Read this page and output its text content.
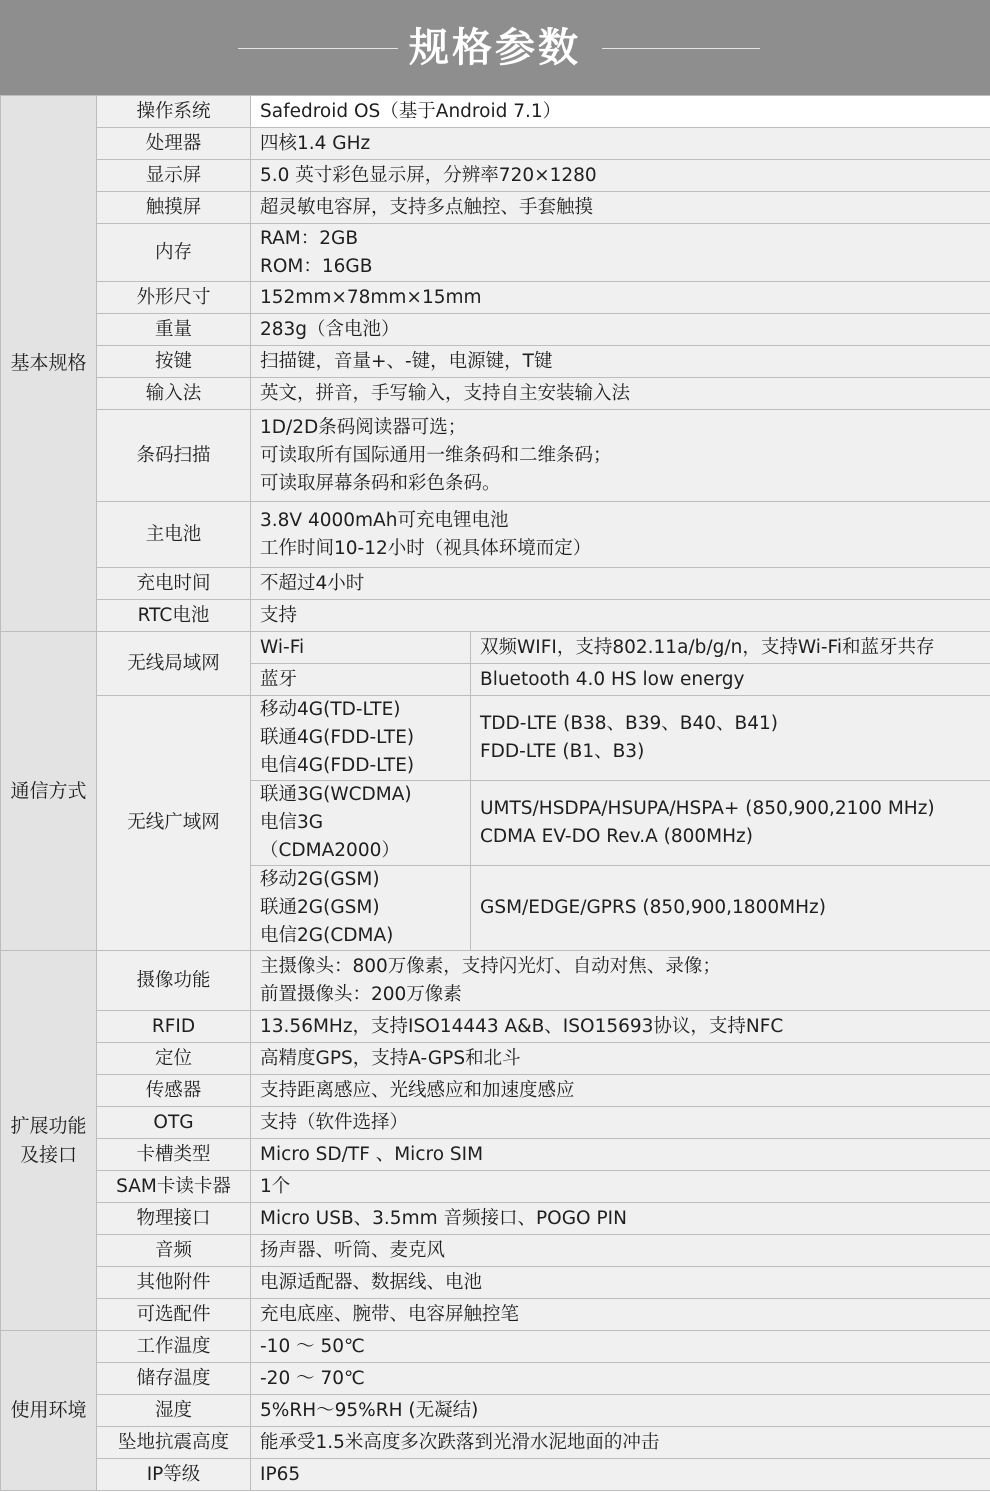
规格参数
基本规格	操作系统	Safedroid OS（基于Android 7.1）	
	处理器	四核1.4 GHz	
	显示屏	5.0 英寸彩色显示屏，分辨率720×1280	
	触摸屏	超灵敏电容屏，支持多点触控、手套触摸	
	内存	RAM：2GB
ROM：16GB	

	外形尺寸	152mm×78mm×15mm	
	重量	283g（含电池）	
	按键	扫描键，音量+、-键，电源键，T键	
	输入法	英文，拼音，手写输入，支持自主安装输入法	
	条码扫描	1D/2D条码阅读器可选；
可读取所有国际通用一维条码和二维条码；
可读取屏幕条码和彩色条码。	

	主电池	3.8V 4000mAh可充电锂电池
工作时间10-12小时（视具体环境而定）	

	充电时间	不超过4小时	
	RTC电池	支持	
通信方式	无线局域网	Wi-Fi	双频WIFI，支持802.11a/b/g/n，支持Wi-Fi和蓝牙共存
		蓝牙	Bluetooth 4.0 HS low energy
	无线广域网	移动4G(TD-LTE)
联通4G(FDD-LTE)
电信4G(FDD-LTE)	TDD-LTE (B38、B39、B40、B41)
FDD-LTE (B1、B3)

		联通3G(WCDMA)
电信3G
（CDMA2000）	UMTS/HSDPA/HSUPA/HSPA+ (850,900,2100 MHz)
CDMA EV-DO Rev.A (800MHz)

		移动2G(GSM)
联通2G(GSM)
电信2G(CDMA)	GSM/EDGE/GPRS (850,900,1800MHz)

扩展功能及接口	摄像功能	主摄像头：800万像素，支持闪光灯、自动对焦、录像；
前置摄像头：200万像素	

	RFID	13.56MHz，支持ISO14443 A&B、ISO15693协议，支持NFC	
	定位	高精度GPS，支持A-GPS和北斗	
	传感器	支持距离感应、光线感应和加速度感应	
	OTG	支持（软件选择）	
	卡槽类型	Micro SD/TF 、Micro SIM	
	SAM卡读卡器	1个	
	物理接口	Micro USB、3.5mm 音频接口、POGO PIN	
	音频	扬声器、听筒、麦克风	
	其他附件	电源适配器、数据线、电池	
	可选配件	充电底座、腕带、电容屏触控笔	
使用环境	工作温度	-10 ～ 50℃	
	储存温度	-20 ～ 70℃	
	湿度	5%RH～95%RH (无凝结)	
	坠地抗震高度	能承受1.5米高度多次跌落到光滑水泥地面的冲击	
	IP等级	IP65	
